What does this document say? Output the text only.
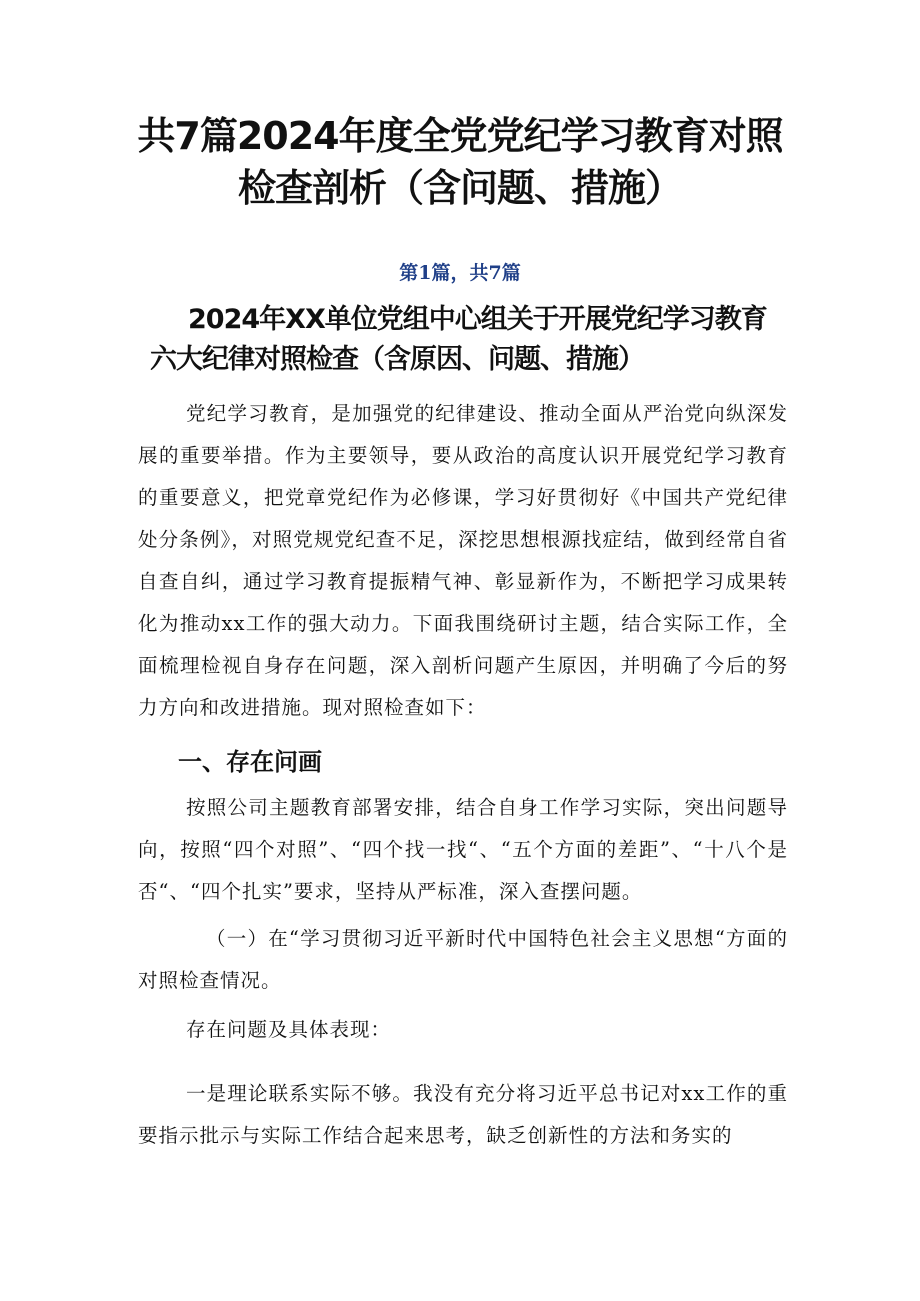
共7篇2024年度全党党纪学习教育对照检查剖析（含问题、措施）

第1篇，共7篇

2024年XX单位党组中心组关于开展党纪学习教育六大纪律对照检查（含原因、问题、措施）

党纪学习教育，是加强党的纪律建设、推动全面从严治党向纵深发展的重要举措。作为主要领导，要从政治的高度认识开展党纪学习教育的重要意义，把党章党纪作为必修课，学习好贯彻好《中国共产党纪律处分条例》，对照党规党纪查不足，深挖思想根源找症结，做到经常自省自查自纠，通过学习教育提振精气神、彰显新作为，不断把学习成果转化为推动xx工作的强大动力。下面我围绕研讨主题，结合实际工作，全面梳理检视自身存在问题，深入剖析问题产生原因，并明确了今后的努力方向和改进措施。现对照检查如下：

一、存在问画

按照公司主题教育部署安排，结合自身工作学习实际，突出问题导向，按照“四个对照”、“四个找一找“、“五个方面的差距”、“十八个是否“、“四个扎实”要求，坚持从严标准，深入查摆问题。

（一）在“学习贯彻习近平新时代中国特色社会主义思想“方面的对照检查情况。

存在问题及具体表现：

一是理论联系实际不够。我没有充分将习近平总书记对xx工作的重要指示批示与实际工作结合起来思考，缺乏创新性的方法和务实的
